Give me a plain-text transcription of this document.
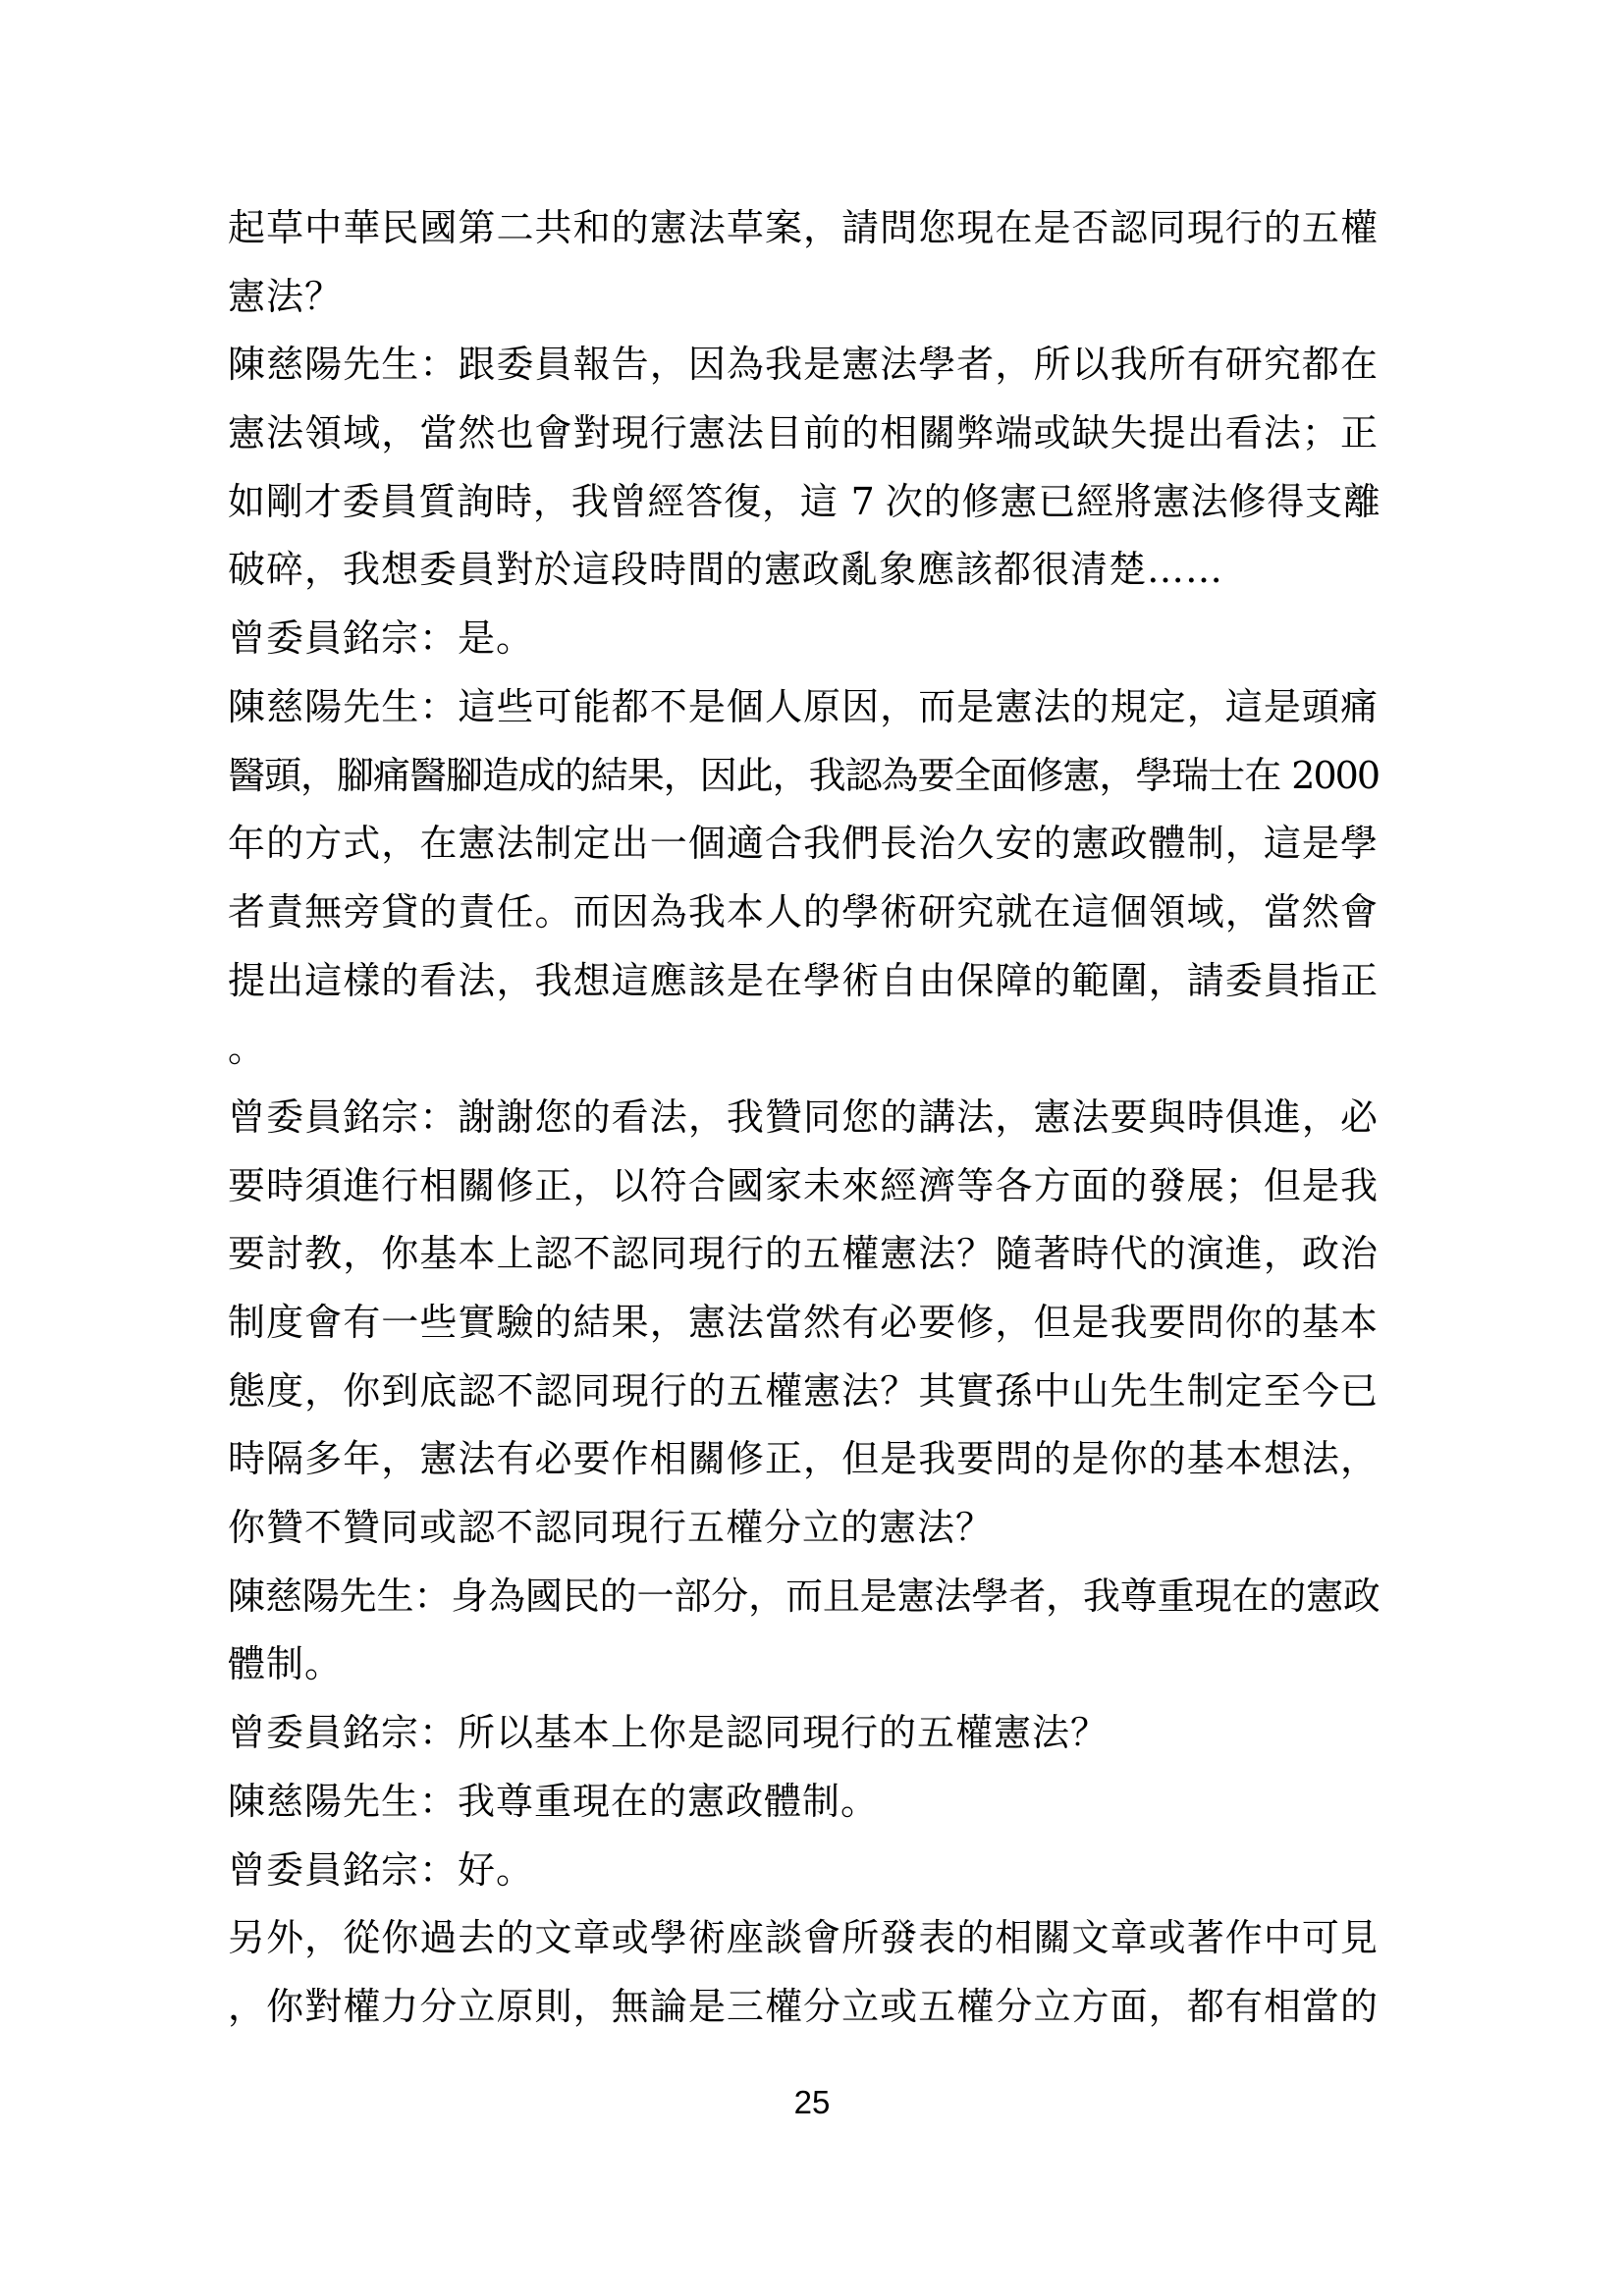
起草中華民國第二共和的憲法草案，請問您現在是否認同現行的五權
憲法？
陳慈陽先生：跟委員報告，因為我是憲法學者，所以我所有研究都在
憲法領域，當然也會對現行憲法目前的相關弊端或缺失提出看法；正
如剛才委員質詢時，我曾經答復，這 7 次的修憲已經將憲法修得支離
破碎，我想委員對於這段時間的憲政亂象應該都很清楚……
曾委員銘宗：是。
陳慈陽先生：這些可能都不是個人原因，而是憲法的規定，這是頭痛
醫頭，腳痛醫腳造成的結果，因此，我認為要全面修憲，學瑞士在 2000
年的方式，在憲法制定出一個適合我們長治久安的憲政體制，這是學
者責無旁貸的責任。而因為我本人的學術研究就在這個領域，當然會
提出這樣的看法，我想這應該是在學術自由保障的範圍，請委員指正
。
曾委員銘宗：謝謝您的看法，我贊同您的講法，憲法要與時俱進，必
要時須進行相關修正，以符合國家未來經濟等各方面的發展；但是我
要討教，你基本上認不認同現行的五權憲法？隨著時代的演進，政治
制度會有一些實驗的結果，憲法當然有必要修，但是我要問你的基本
態度，你到底認不認同現行的五權憲法？其實孫中山先生制定至今已
時隔多年，憲法有必要作相關修正，但是我要問的是你的基本想法，
你贊不贊同或認不認同現行五權分立的憲法？
陳慈陽先生：身為國民的一部分，而且是憲法學者，我尊重現在的憲政
體制。
曾委員銘宗：所以基本上你是認同現行的五權憲法？
陳慈陽先生：我尊重現在的憲政體制。
曾委員銘宗：好。
另外，從你過去的文章或學術座談會所發表的相關文章或著作中可見
，你對權力分立原則，無論是三權分立或五權分立方面，都有相當的
25
